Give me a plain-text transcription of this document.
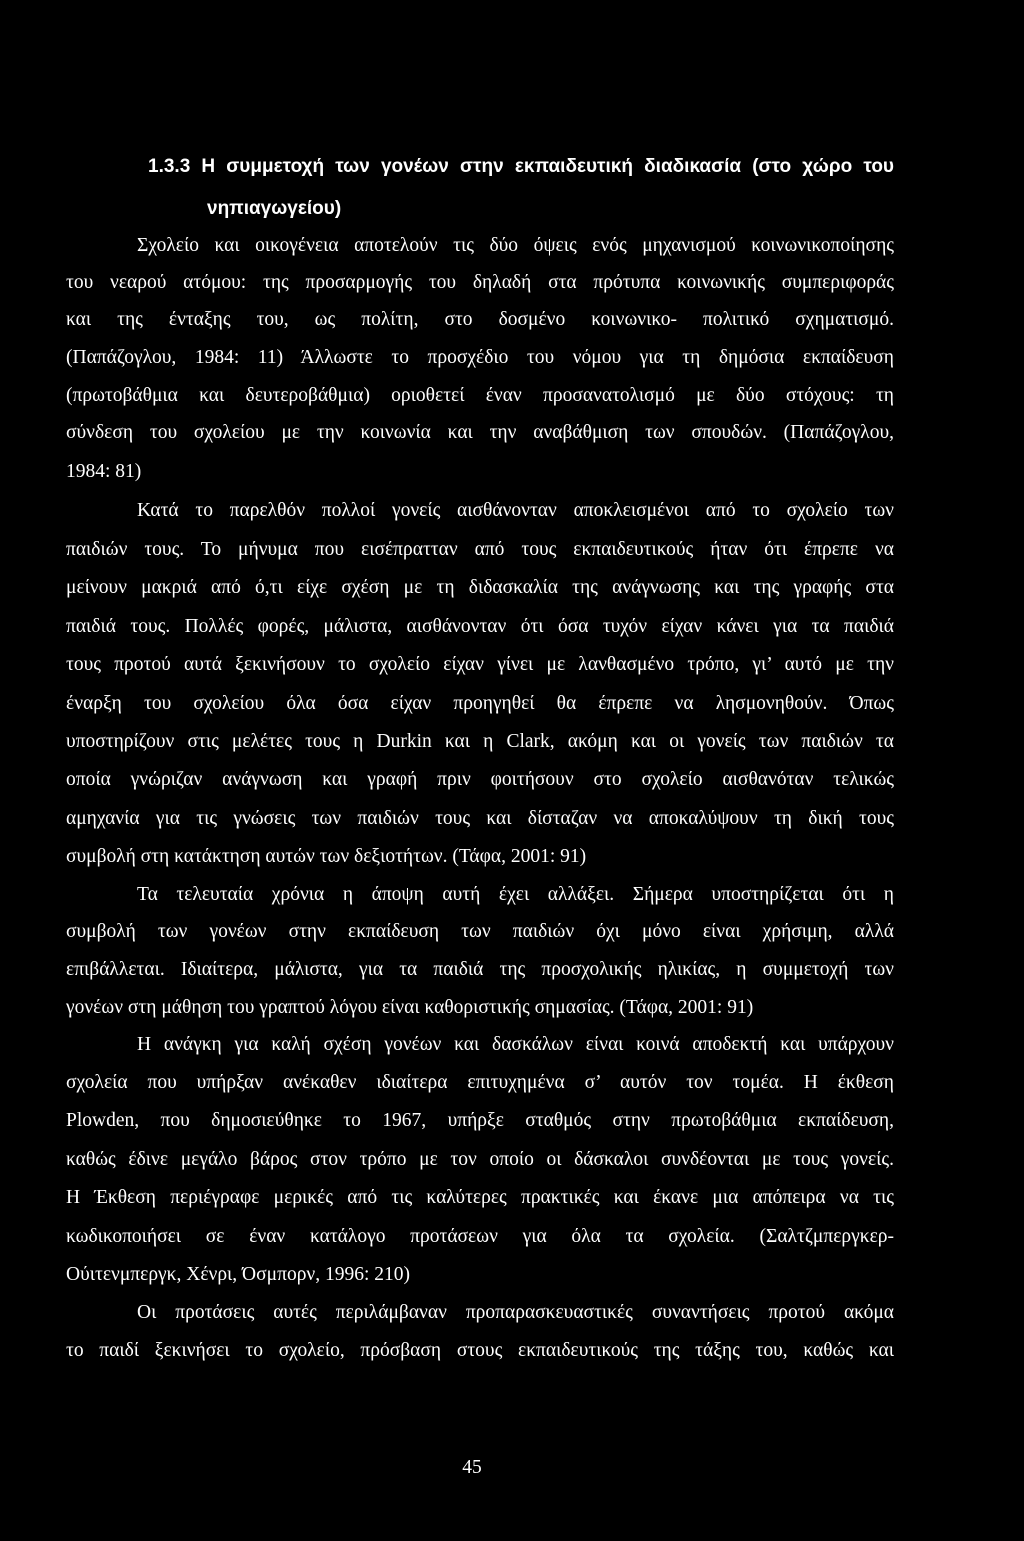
1.3.3 Η συμμετοχή των γονέων στην εκπαιδευτική διαδικασία (στο χώρο του
νηπιαγωγείου)
Σχολείο και οικογένεια αποτελούν τις δύο όψεις ενός μηχανισμού κοινωνικοποίησης
του νεαρού ατόμου: της προσαρμογής του δηλαδή στα πρότυπα κοινωνικής συμπεριφοράς
και της ένταξης του, ως πολίτη, στο δοσμένο κοινωνικο- πολιτικό σχηματισμό.
(Παπάζογλου, 1984: 11) Άλλωστε το προσχέδιο του νόμου για τη δημόσια εκπαίδευση
(πρωτοβάθμια και δευτεροβάθμια) οριοθετεί έναν προσανατολισμό με δύο στόχους: τη
σύνδεση του σχολείου με την κοινωνία και την αναβάθμιση των σπουδών. (Παπάζογλου,
1984: 81)
Κατά το παρελθόν πολλοί γονείς αισθάνονταν αποκλεισμένοι από το σχολείο των
παιδιών τους. Το μήνυμα που εισέπρατταν από τους εκπαιδευτικούς ήταν ότι έπρεπε να
μείνουν μακριά από ό,τι είχε σχέση με τη διδασκαλία της ανάγνωσης και της γραφής στα
παιδιά τους. Πολλές φορές, μάλιστα, αισθάνονταν ότι όσα τυχόν είχαν κάνει για τα παιδιά
τους προτού αυτά ξεκινήσουν το σχολείο είχαν γίνει με λανθασμένο τρόπο, γι’ αυτό με την
έναρξη του σχολείου όλα όσα είχαν προηγηθεί θα έπρεπε να λησμονηθούν. Όπως
υποστηρίζουν στις μελέτες τους η Durkin και η Clark, ακόμη και οι γονείς των παιδιών τα
οποία γνώριζαν ανάγνωση και γραφή πριν φοιτήσουν στο σχολείο αισθανόταν τελικώς
αμηχανία για τις γνώσεις των παιδιών τους και δίσταζαν να αποκαλύψουν τη δική τους
συμβολή στη κατάκτηση αυτών των δεξιοτήτων. (Τάφα, 2001: 91)
Τα τελευταία χρόνια η άποψη αυτή έχει αλλάξει. Σήμερα υποστηρίζεται ότι η
συμβολή των γονέων στην εκπαίδευση των παιδιών όχι μόνο είναι χρήσιμη, αλλά
επιβάλλεται. Ιδιαίτερα, μάλιστα, για τα παιδιά της προσχολικής ηλικίας, η συμμετοχή των
γονέων στη μάθηση του γραπτού λόγου είναι καθοριστικής σημασίας. (Τάφα, 2001: 91)
Η ανάγκη για καλή σχέση γονέων και δασκάλων είναι κοινά αποδεκτή και υπάρχουν
σχολεία που υπήρξαν ανέκαθεν ιδιαίτερα επιτυχημένα σ’ αυτόν τον τομέα. Η έκθεση
Plowden, που δημοσιεύθηκε το 1967, υπήρξε σταθμός στην πρωτοβάθμια εκπαίδευση,
καθώς έδινε μεγάλο βάρος στον τρόπο με τον οποίο οι δάσκαλοι συνδέονται με τους γονείς.
Η Έκθεση περιέγραφε μερικές από τις καλύτερες πρακτικές και έκανε μια απόπειρα να τις
κωδικοποιήσει σε έναν κατάλογο προτάσεων για όλα τα σχολεία. (Σαλτζμπεργκερ-
Ούιτενμπεργκ, Χένρι, Όσμπορν, 1996: 210)
Οι προτάσεις αυτές περιλάμβαναν προπαρασκευαστικές συναντήσεις προτού ακόμα
το παιδί ξεκινήσει το σχολείο, πρόσβαση στους εκπαιδευτικούς της τάξης του, καθώς και
45
